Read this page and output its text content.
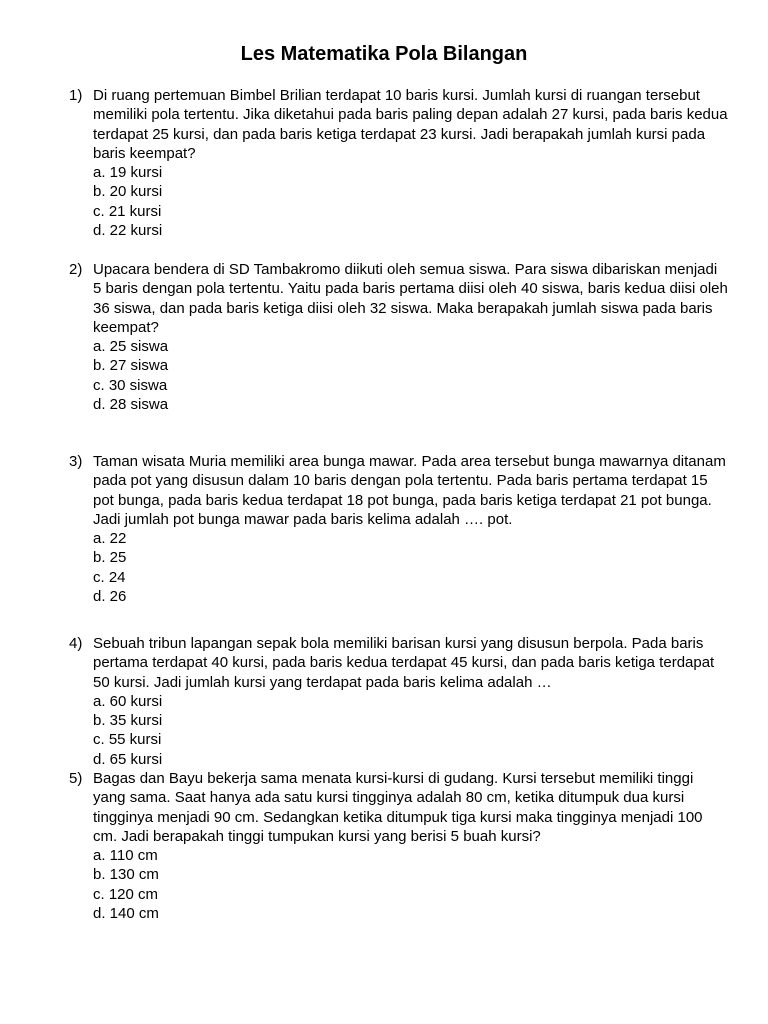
Les Matematika Pola Bilangan
1) Di ruang pertemuan Bimbel Brilian terdapat 10 baris kursi. Jumlah kursi di ruangan tersebut memiliki pola tertentu. Jika diketahui pada baris paling depan adalah 27 kursi, pada baris kedua terdapat 25 kursi, dan pada baris ketiga terdapat 23 kursi. Jadi berapakah jumlah kursi pada baris keempat?
a. 19 kursi
b. 20 kursi
c. 21 kursi
d. 22 kursi
2) Upacara bendera di SD Tambakromo diikuti oleh semua siswa. Para siswa dibariskan menjadi 5 baris dengan pola tertentu. Yaitu pada baris pertama diisi oleh 40 siswa, baris kedua diisi oleh 36 siswa, dan pada baris ketiga diisi oleh 32 siswa. Maka berapakah jumlah siswa pada baris keempat?
a. 25 siswa
b. 27 siswa
c. 30 siswa
d. 28 siswa
3) Taman wisata Muria memiliki area bunga mawar. Pada area tersebut bunga mawarnya ditanam pada pot yang disusun dalam 10 baris dengan pola tertentu. Pada baris pertama terdapat 15 pot bunga, pada baris kedua terdapat 18 pot bunga, pada baris ketiga terdapat 21 pot bunga. Jadi jumlah pot bunga mawar pada baris kelima adalah …. pot.
a. 22
b. 25
c. 24
d. 26
4) Sebuah tribun lapangan sepak bola memiliki barisan kursi yang disusun berpola. Pada baris pertama terdapat 40 kursi, pada baris kedua terdapat 45 kursi, dan pada baris ketiga terdapat 50 kursi. Jadi jumlah kursi yang terdapat pada baris kelima adalah …
a. 60 kursi
b. 35 kursi
c. 55 kursi
d. 65 kursi
5) Bagas dan Bayu bekerja sama menata kursi-kursi di gudang. Kursi tersebut memiliki tinggi yang sama. Saat hanya ada satu kursi tingginya adalah 80 cm, ketika ditumpuk dua kursi tingginya menjadi 90 cm. Sedangkan ketika ditumpuk tiga kursi maka tingginya menjadi 100 cm. Jadi berapakah tinggi tumpukan kursi yang berisi 5 buah kursi?
a. 110 cm
b. 130 cm
c. 120 cm
d. 140 cm
